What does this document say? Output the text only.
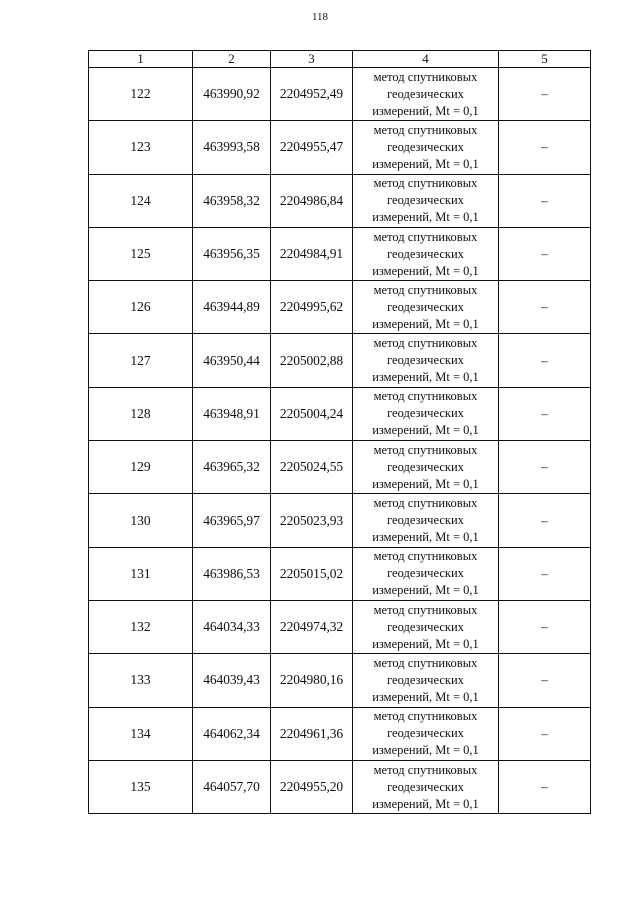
118
1	2	3	4	5
122	463990,92	2204952,49	метод спутниковых
геодезических
измерений, Mt = 0,1	–
123	463993,58	2204955,47	метод спутниковых
геодезических
измерений, Mt = 0,1	–
124	463958,32	2204986,84	метод спутниковых
геодезических
измерений, Mt = 0,1	–
125	463956,35	2204984,91	метод спутниковых
геодезических
измерений, Mt = 0,1	–
126	463944,89	2204995,62	метод спутниковых
геодезических
измерений, Mt = 0,1	–
127	463950,44	2205002,88	метод спутниковых
геодезических
измерений, Mt = 0,1	–
128	463948,91	2205004,24	метод спутниковых
геодезических
измерений, Mt = 0,1	–
129	463965,32	2205024,55	метод спутниковых
геодезических
измерений, Mt = 0,1	–
130	463965,97	2205023,93	метод спутниковых
геодезических
измерений, Mt = 0,1	–
131	463986,53	2205015,02	метод спутниковых
геодезических
измерений, Mt = 0,1	–
132	464034,33	2204974,32	метод спутниковых
геодезических
измерений, Mt = 0,1	–
133	464039,43	2204980,16	метод спутниковых
геодезических
измерений, Mt = 0,1	–
134	464062,34	2204961,36	метод спутниковых
геодезических
измерений, Mt = 0,1	–
135	464057,70	2204955,20	метод спутниковых
геодезических
измерений, Mt = 0,1	–
